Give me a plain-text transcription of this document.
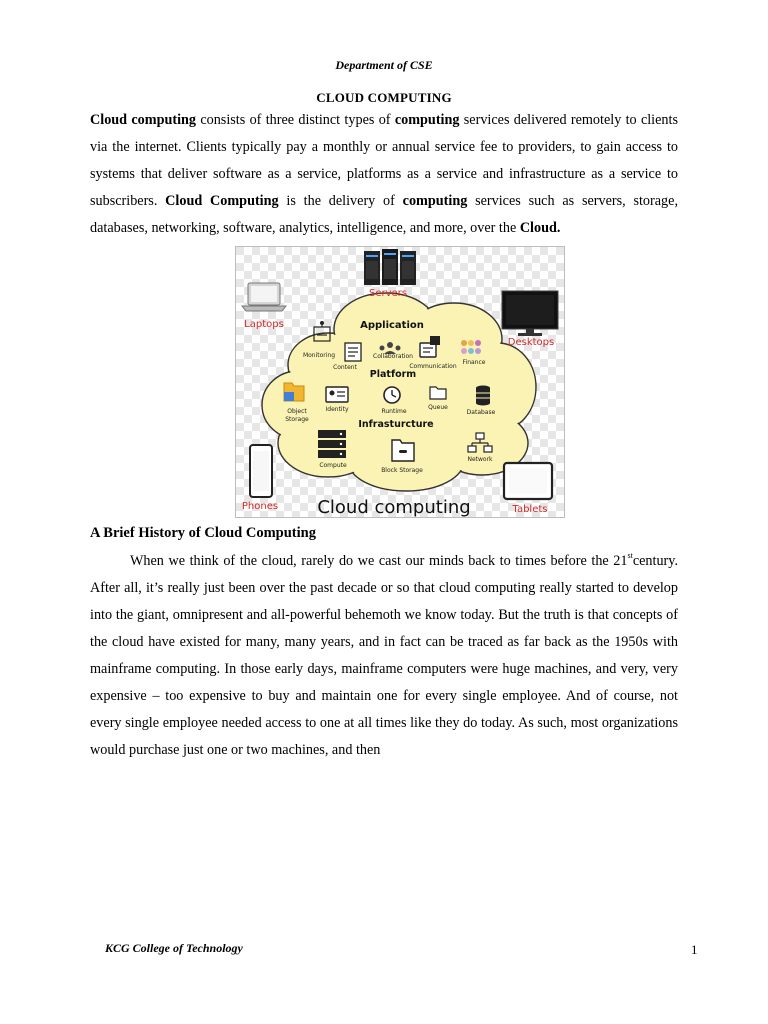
Department of CSE
CLOUD COMPUTING
Cloud computing consists of three distinct types of computing services delivered remotely to clients via the internet. Clients typically pay a monthly or annual service fee to providers, to gain access to systems that deliver software as a service, platforms as a service and infrastructure as a service to subscribers. Cloud Computing is the delivery of computing services such as servers, storage, databases, networking, software, analytics, intelligence, and more, over the Cloud.
Servers
Laptops
Desktops
Phones	Tablets
Application
Platform
Infrasturcture
Monitoring
Content
Collaboration
Communication
Finance
Object
Storage
Identity	Runtime
Queue
Database
Compute
Block Storage
Network
Cloud computing
A Brief History of Cloud Computing
When we think of the cloud, rarely do we cast our minds back to times before the 21stcentury. After all, it’s really just been over the past decade or so that cloud computing really started to develop into the giant, omnipresent and all-powerful behemoth we know today. But the truth is that concepts of the cloud have existed for many, many years, and in fact can be traced as far back as the 1950s with mainframe computing. In those early days, mainframe computers were huge machines, and very, very expensive – too expensive to buy and maintain one for every single employee. And of course, not every single employee needed access to one at all times like they do today. As such, most organizations would purchase just one or two machines, and then
KCG College of Technology	1
